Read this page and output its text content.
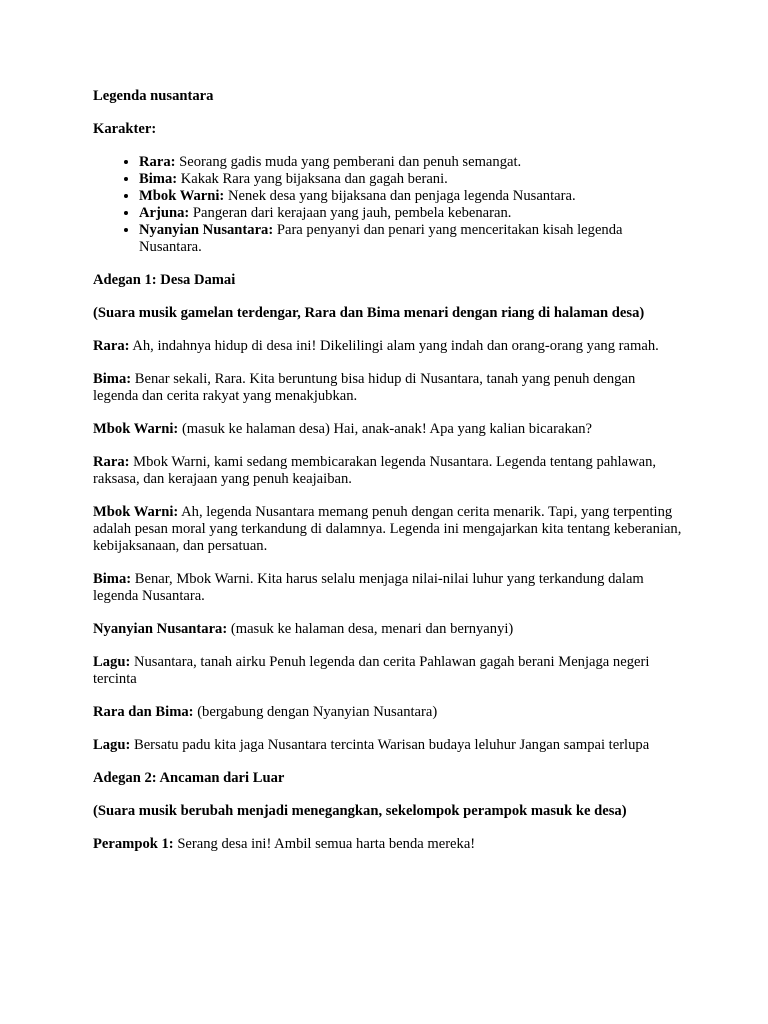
Legenda nusantara

Karakter:

• Rara: Seorang gadis muda yang pemberani dan penuh semangat.
• Bima: Kakak Rara yang bijaksana dan gagah berani.
• Mbok Warni: Nenek desa yang bijaksana dan penjaga legenda Nusantara.
• Arjuna: Pangeran dari kerajaan yang jauh, pembela kebenaran.
• Nyanyian Nusantara: Para penyanyi dan penari yang menceritakan kisah legenda Nusantara.

Adegan 1: Desa Damai

(Suara musik gamelan terdengar, Rara dan Bima menari dengan riang di halaman desa)

Rara: Ah, indahnya hidup di desa ini! Dikelilingi alam yang indah dan orang-orang yang ramah.

Bima: Benar sekali, Rara. Kita beruntung bisa hidup di Nusantara, tanah yang penuh dengan legenda dan cerita rakyat yang menakjubkan.

Mbok Warni: (masuk ke halaman desa) Hai, anak-anak! Apa yang kalian bicarakan?

Rara: Mbok Warni, kami sedang membicarakan legenda Nusantara. Legenda tentang pahlawan, raksasa, dan kerajaan yang penuh keajaiban.

Mbok Warni: Ah, legenda Nusantara memang penuh dengan cerita menarik. Tapi, yang terpenting adalah pesan moral yang terkandung di dalamnya. Legenda ini mengajarkan kita tentang keberanian, kebijaksanaan, dan persatuan.

Bima: Benar, Mbok Warni. Kita harus selalu menjaga nilai-nilai luhur yang terkandung dalam legenda Nusantara.

Nyanyian Nusantara: (masuk ke halaman desa, menari dan bernyanyi)

Lagu: Nusantara, tanah airku Penuh legenda dan cerita Pahlawan gagah berani Menjaga negeri tercinta

Rara dan Bima: (bergabung dengan Nyanyian Nusantara)

Lagu: Bersatu padu kita jaga Nusantara tercinta Warisan budaya leluhur Jangan sampai terlupa

Adegan 2: Ancaman dari Luar

(Suara musik berubah menjadi menegangkan, sekelompok perampok masuk ke desa)

Perampok 1: Serang desa ini! Ambil semua harta benda mereka!
